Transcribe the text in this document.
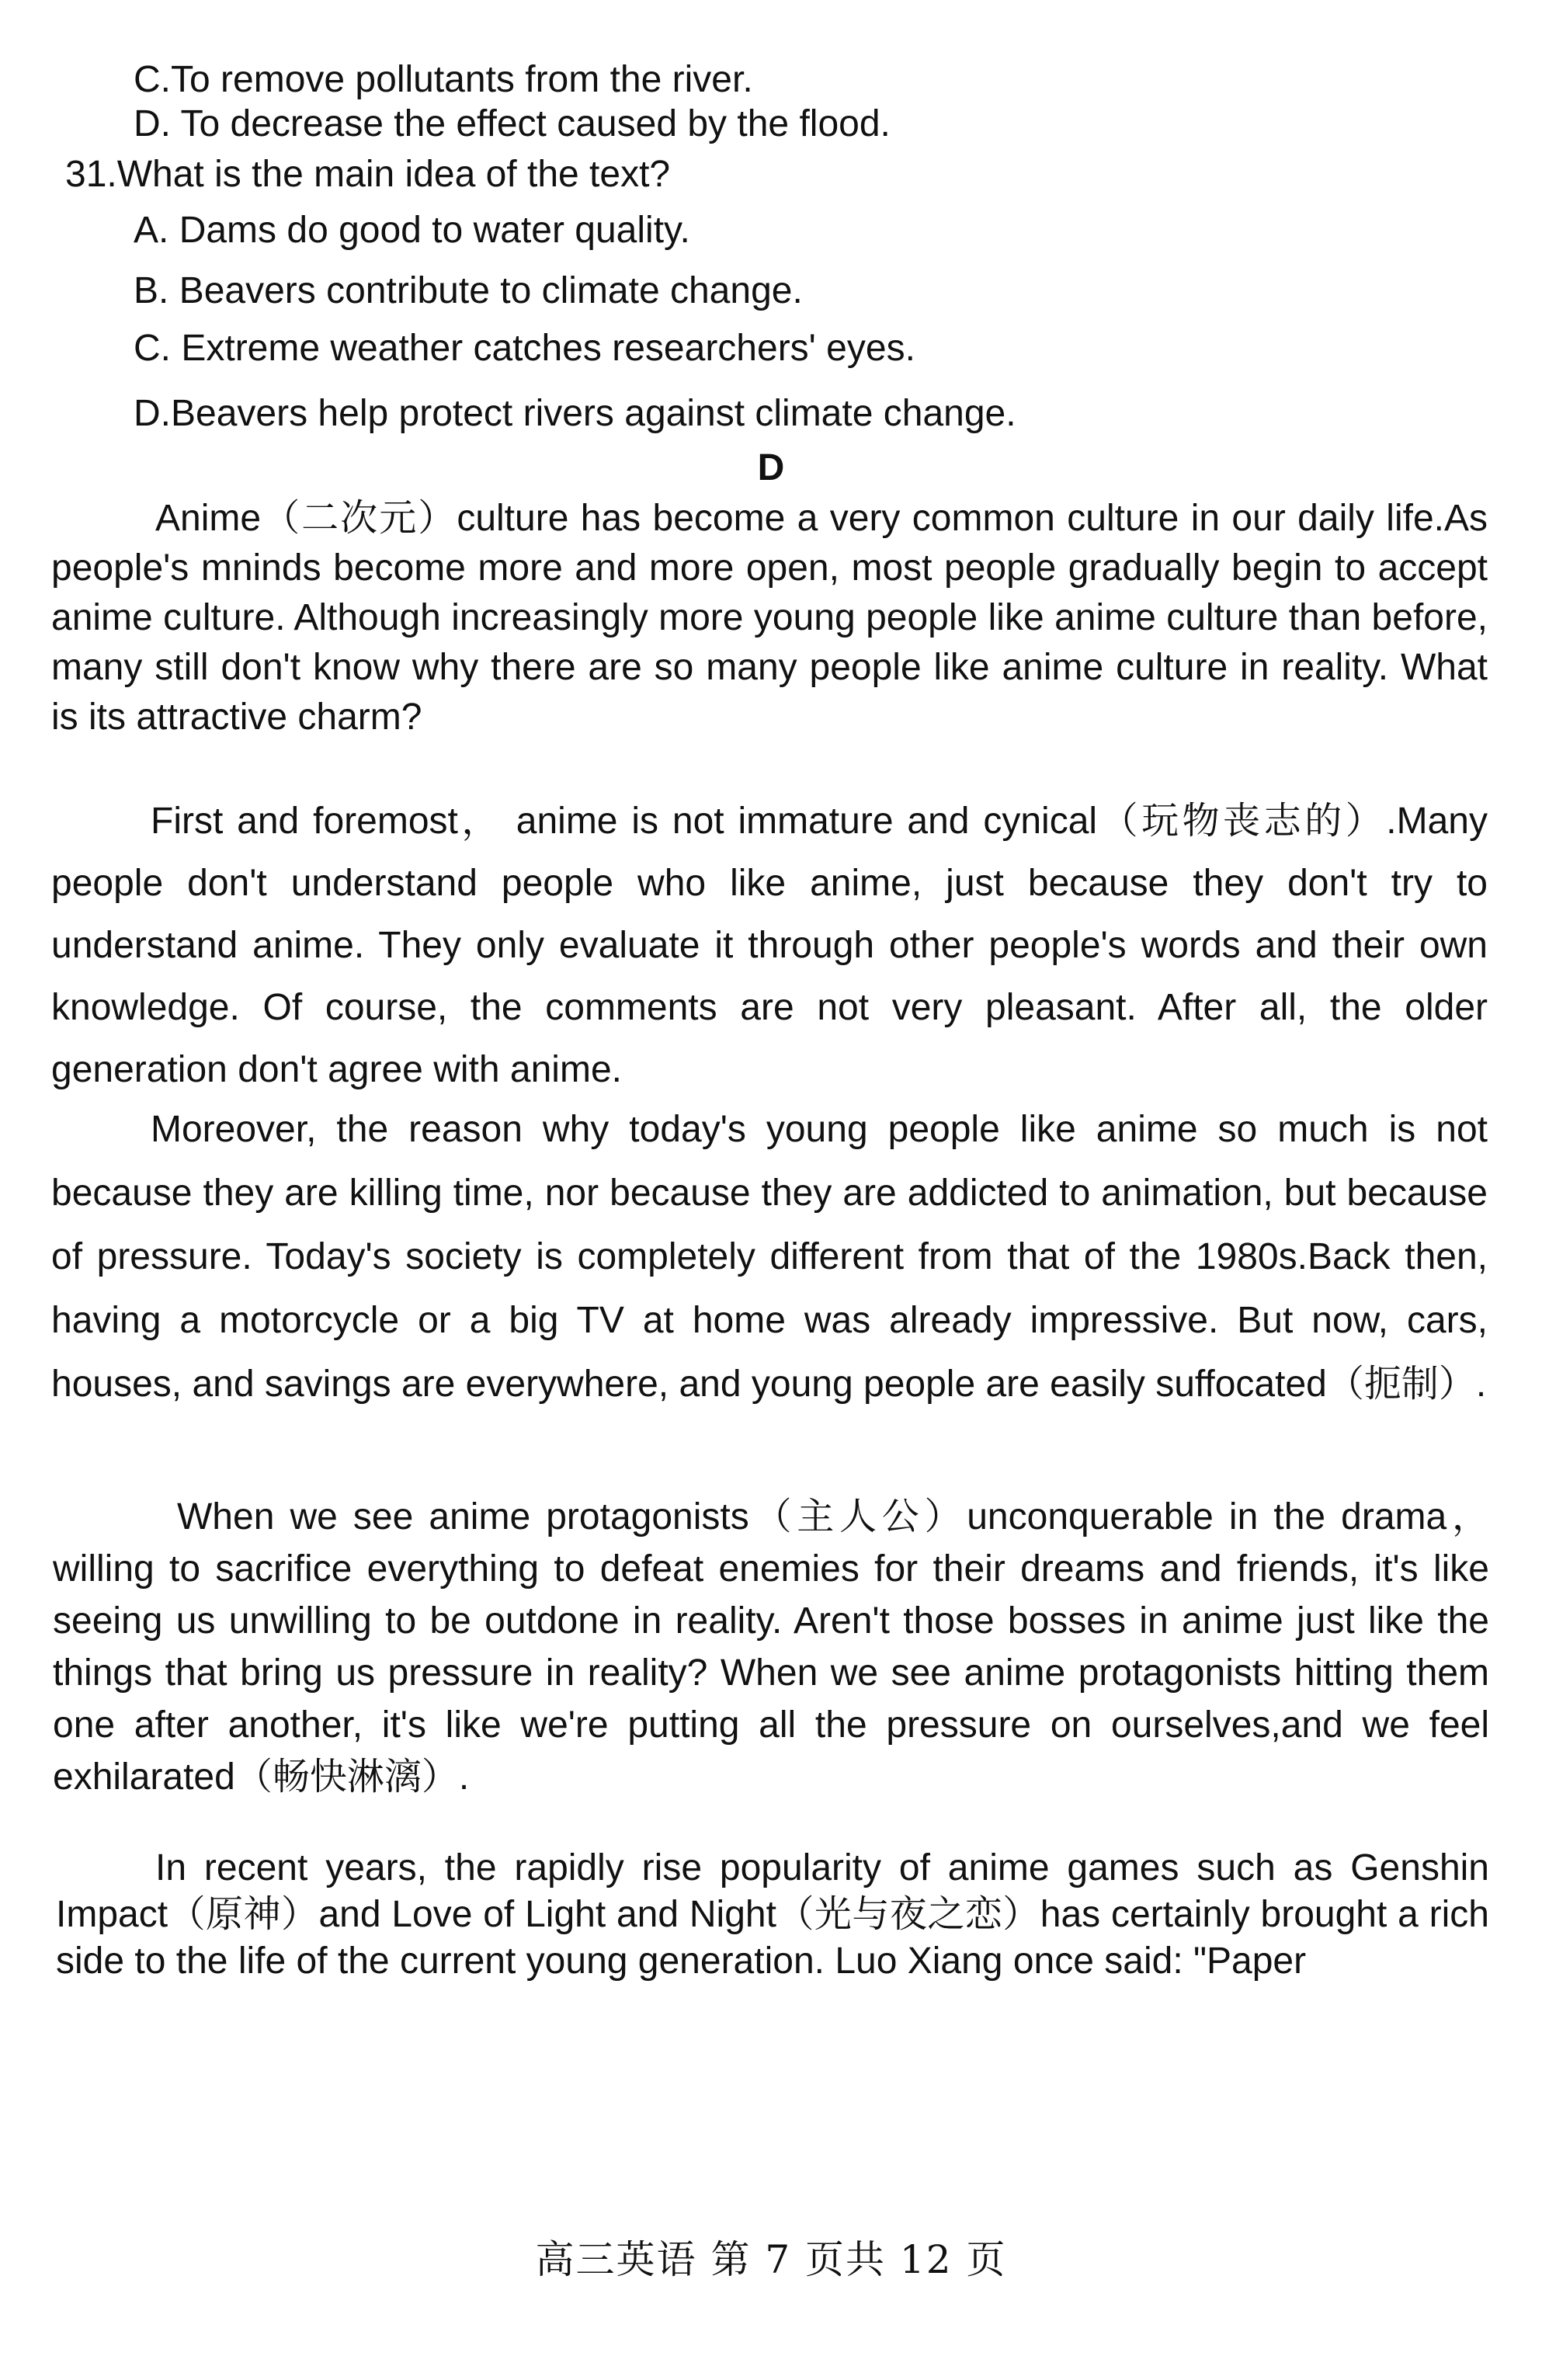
C.To remove pollutants from the river.
D. To decrease the effect caused by the flood.
31.What is the main idea of the text?
A. Dams do good to water quality.
B. Beavers contribute to climate change.
C. Extreme weather catches researchers' eyes.
D.Beavers help protect rivers against climate change.
D

Anime（二次元）culture has become a very common culture in our daily life.As people's mninds become more and more open, most people gradually begin to accept anime culture. Although increasingly more young people like anime culture than before, many still don't know why there are so many people like anime culture in reality. What is its attractive charm?

First and foremost， anime is not immature and cynical（玩物丧志的）.Many people don't understand people who like anime, just because they don't try to understand anime. They only evaluate it through other people's words and their own knowledge. Of course, the comments are not very pleasant. After all, the older generation don't agree with anime.

Moreover, the reason why today's young people like anime so much is not because they are killing time, nor because they are addicted to animation, but because of pressure. Today's society is completely different from that of the 1980s.Back then, having a motorcycle or a big TV at home was already impressive. But now, cars, houses, and savings are everywhere, and young people are easily suffocated（扼制）.

When we see anime protagonists（主人公）unconquerable in the drama，willing to sacrifice everything to defeat enemies for their dreams and friends, it's like seeing us unwilling to be outdone in reality. Aren't those bosses in anime just like the things that bring us pressure in reality? When we see anime protagonists hitting them one after another, it's like we're putting all the pressure on ourselves,and we feel exhilarated（畅快淋漓）.

In recent years, the rapidly rise popularity of anime games such as Genshin Impact（原神）and Love of Light and Night（光与夜之恋）has certainly brought a rich side to the life of the current young generation. Luo Xiang once said: "Paper

高三英语 第 7 页共 12 页
